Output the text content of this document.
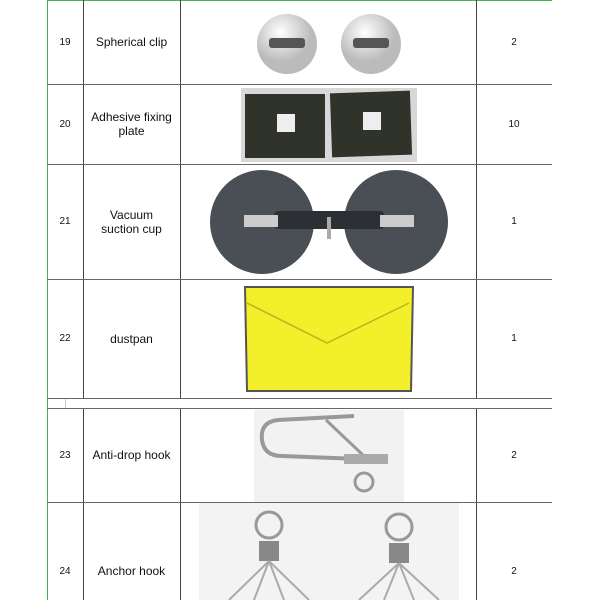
19	Spherical clip	2
20	Adhesive fixing plate	10
21	Vacuum suction cup	1
22	dustpan	1
23	Anti-drop hook	2
24	Anchor hook	2
